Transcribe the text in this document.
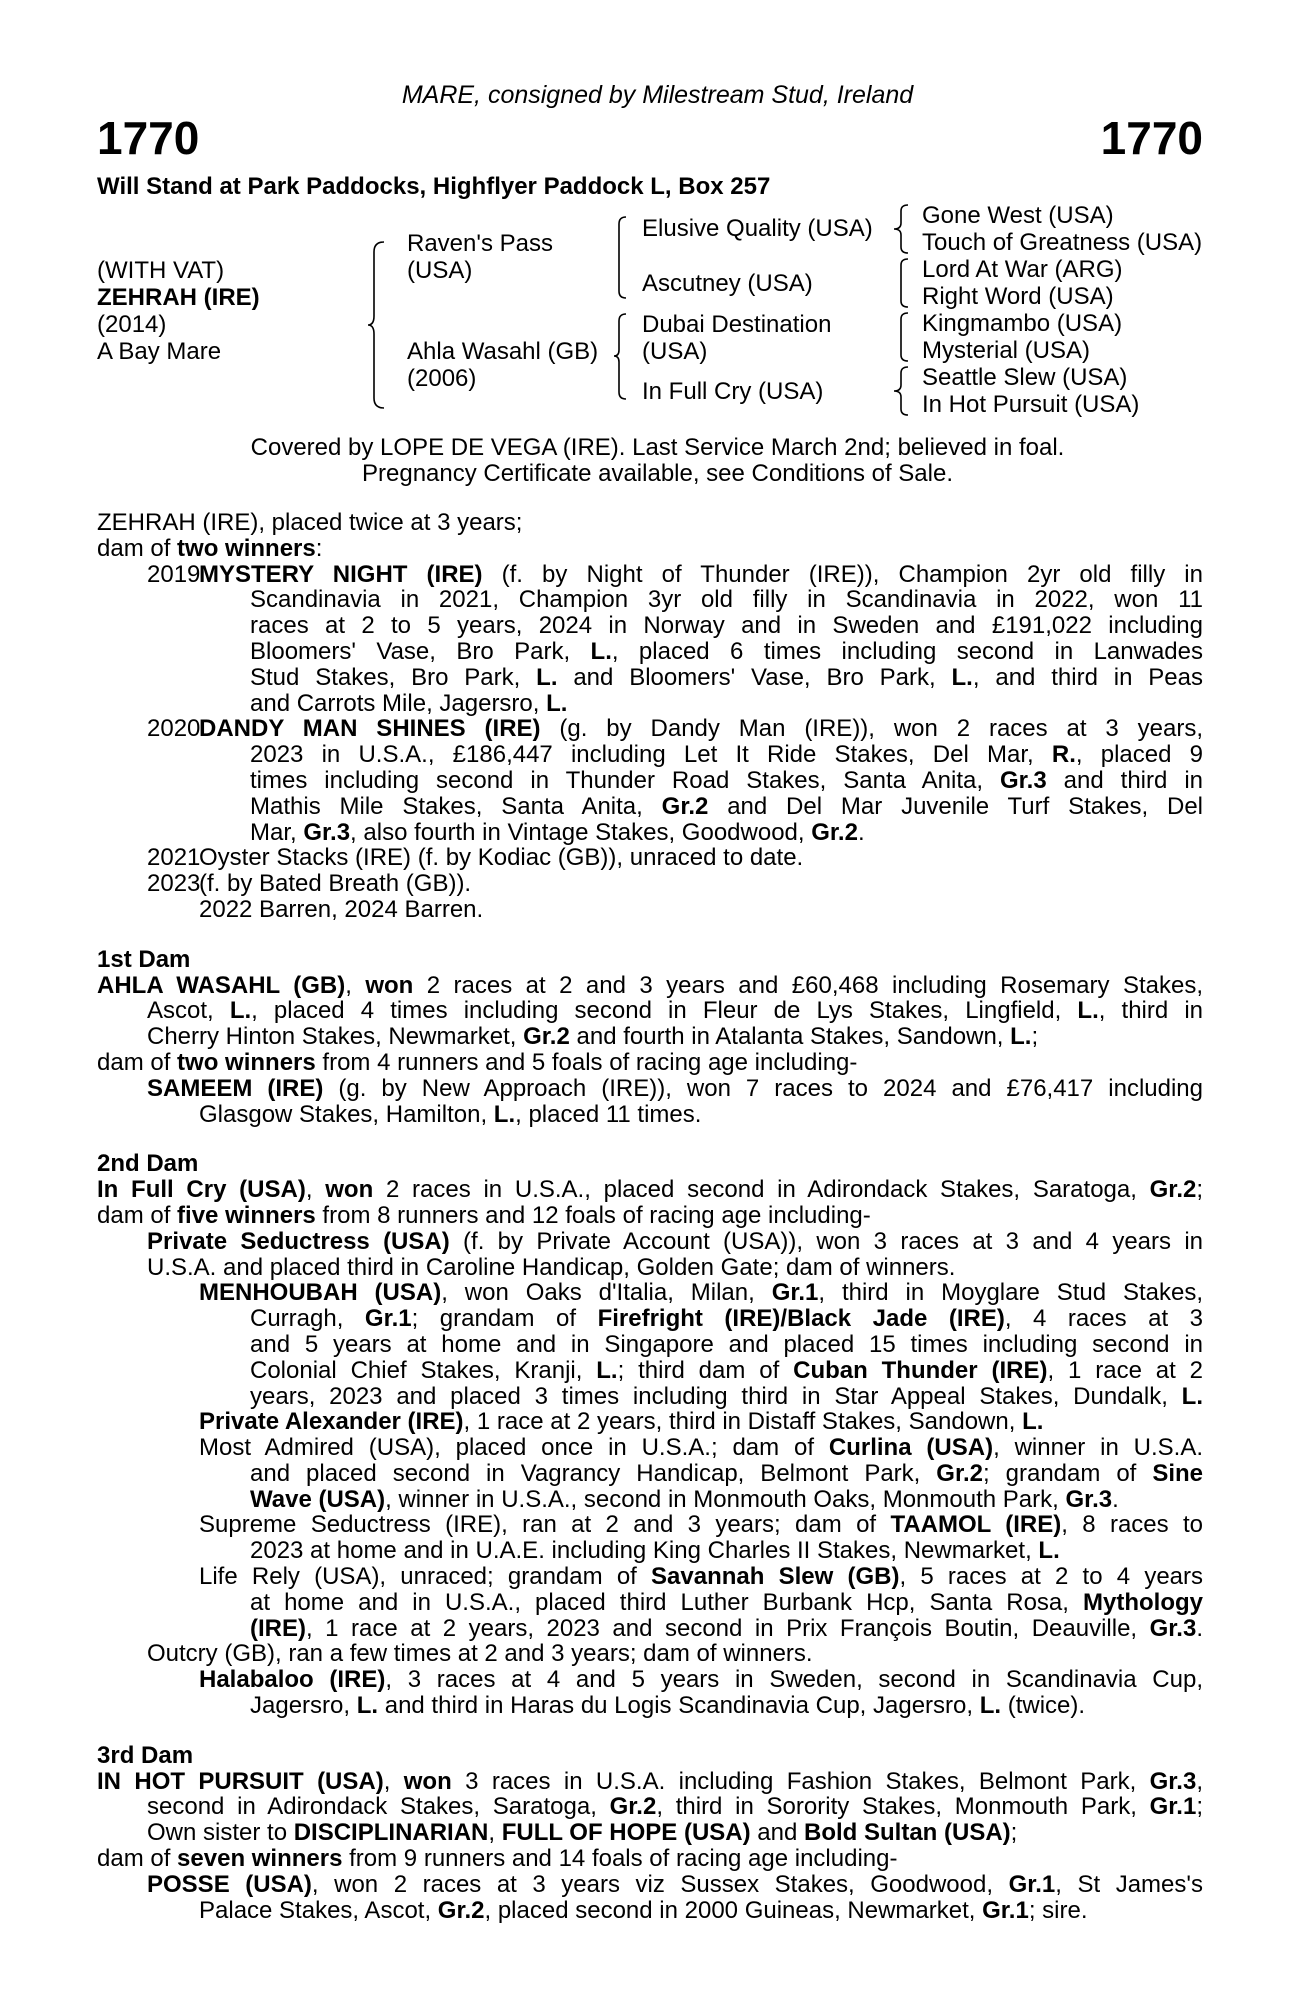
MARE, consigned by Milestream Stud, Ireland
1770	1770
Will Stand at Park Paddocks, Highflyer Paddock L, Box 257
(WITH VAT)
ZEHRAH (IRE)
(2014)
A Bay Mare
Raven's Pass
(USA)
Ahla Wasahl (GB)
(2006)
Elusive Quality (USA)
Ascutney (USA)
Dubai Destination
(USA)
In Full Cry (USA)
Gone West (USA)
Touch of Greatness (USA)
Lord At War (ARG)
Right Word (USA)
Kingmambo (USA)
Mysterial (USA)
Seattle Slew (USA)
In Hot Pursuit (USA)
Covered by LOPE DE VEGA (IRE). Last Service March 2nd; believed in foal.
Pregnancy Certificate available, see Conditions of Sale.
ZEHRAH (IRE), placed twice at 3 years;
dam of two winners:
2019MYSTERY NIGHT (IRE) (f. by Night of Thunder (IRE)), Champion 2yr old filly in
Scandinavia in 2021, Champion 3yr old filly in Scandinavia in 2022, won 11
races at 2 to 5 years, 2024 in Norway and in Sweden and £191,022 including
Bloomers' Vase, Bro Park, L., placed 6 times including second in Lanwades
Stud Stakes, Bro Park, L. and Bloomers' Vase, Bro Park, L., and third in Peas
and Carrots Mile, Jagersro, L.
2020DANDY MAN SHINES (IRE) (g. by Dandy Man (IRE)), won 2 races at 3 years,
2023 in U.S.A., £186,447 including Let It Ride Stakes, Del Mar, R., placed 9
times including second in Thunder Road Stakes, Santa Anita, Gr.3 and third in
Mathis Mile Stakes, Santa Anita, Gr.2 and Del Mar Juvenile Turf Stakes, Del
Mar, Gr.3, also fourth in Vintage Stakes, Goodwood, Gr.2.
2021Oyster Stacks (IRE) (f. by Kodiac (GB)), unraced to date.
2023(f. by Bated Breath (GB)).
2022 Barren, 2024 Barren.
1st Dam
AHLA WASAHL (GB), won 2 races at 2 and 3 years and £60,468 including Rosemary Stakes,
Ascot, L., placed 4 times including second in Fleur de Lys Stakes, Lingfield, L., third in
Cherry Hinton Stakes, Newmarket, Gr.2 and fourth in Atalanta Stakes, Sandown, L.;
dam of two winners from 4 runners and 5 foals of racing age including-
SAMEEM (IRE) (g. by New Approach (IRE)), won 7 races to 2024 and £76,417 including
Glasgow Stakes, Hamilton, L., placed 11 times.
2nd Dam
In Full Cry (USA), won 2 races in U.S.A., placed second in Adirondack Stakes, Saratoga, Gr.2;
dam of five winners from 8 runners and 12 foals of racing age including-
Private Seductress (USA) (f. by Private Account (USA)), won 3 races at 3 and 4 years in
U.S.A. and placed third in Caroline Handicap, Golden Gate; dam of winners.
MENHOUBAH (USA), won Oaks d'Italia, Milan, Gr.1, third in Moyglare Stud Stakes,
Curragh, Gr.1; grandam of Firefright (IRE)/Black Jade (IRE), 4 races at 3
and 5 years at home and in Singapore and placed 15 times including second in
Colonial Chief Stakes, Kranji, L.; third dam of Cuban Thunder (IRE), 1 race at 2
years, 2023 and placed 3 times including third in Star Appeal Stakes, Dundalk, L.
Private Alexander (IRE), 1 race at 2 years, third in Distaff Stakes, Sandown, L.
Most Admired (USA), placed once in U.S.A.; dam of Curlina (USA), winner in U.S.A.
and placed second in Vagrancy Handicap, Belmont Park, Gr.2; grandam of Sine
Wave (USA), winner in U.S.A., second in Monmouth Oaks, Monmouth Park, Gr.3.
Supreme Seductress (IRE), ran at 2 and 3 years; dam of TAAMOL (IRE), 8 races to
2023 at home and in U.A.E. including King Charles II Stakes, Newmarket, L.
Life Rely (USA), unraced; grandam of Savannah Slew (GB), 5 races at 2 to 4 years
at home and in U.S.A., placed third Luther Burbank Hcp, Santa Rosa, Mythology
(IRE), 1 race at 2 years, 2023 and second in Prix François Boutin, Deauville, Gr.3.
Outcry (GB), ran a few times at 2 and 3 years; dam of winners.
Halabaloo (IRE), 3 races at 4 and 5 years in Sweden, second in Scandinavia Cup,
Jagersro, L. and third in Haras du Logis Scandinavia Cup, Jagersro, L. (twice).
3rd Dam
IN HOT PURSUIT (USA), won 3 races in U.S.A. including Fashion Stakes, Belmont Park, Gr.3,
second in Adirondack Stakes, Saratoga, Gr.2, third in Sorority Stakes, Monmouth Park, Gr.1;
Own sister to DISCIPLINARIAN, FULL OF HOPE (USA) and Bold Sultan (USA);
dam of seven winners from 9 runners and 14 foals of racing age including-
POSSE (USA), won 2 races at 3 years viz Sussex Stakes, Goodwood, Gr.1, St James's
Palace Stakes, Ascot, Gr.2, placed second in 2000 Guineas, Newmarket, Gr.1; sire.
